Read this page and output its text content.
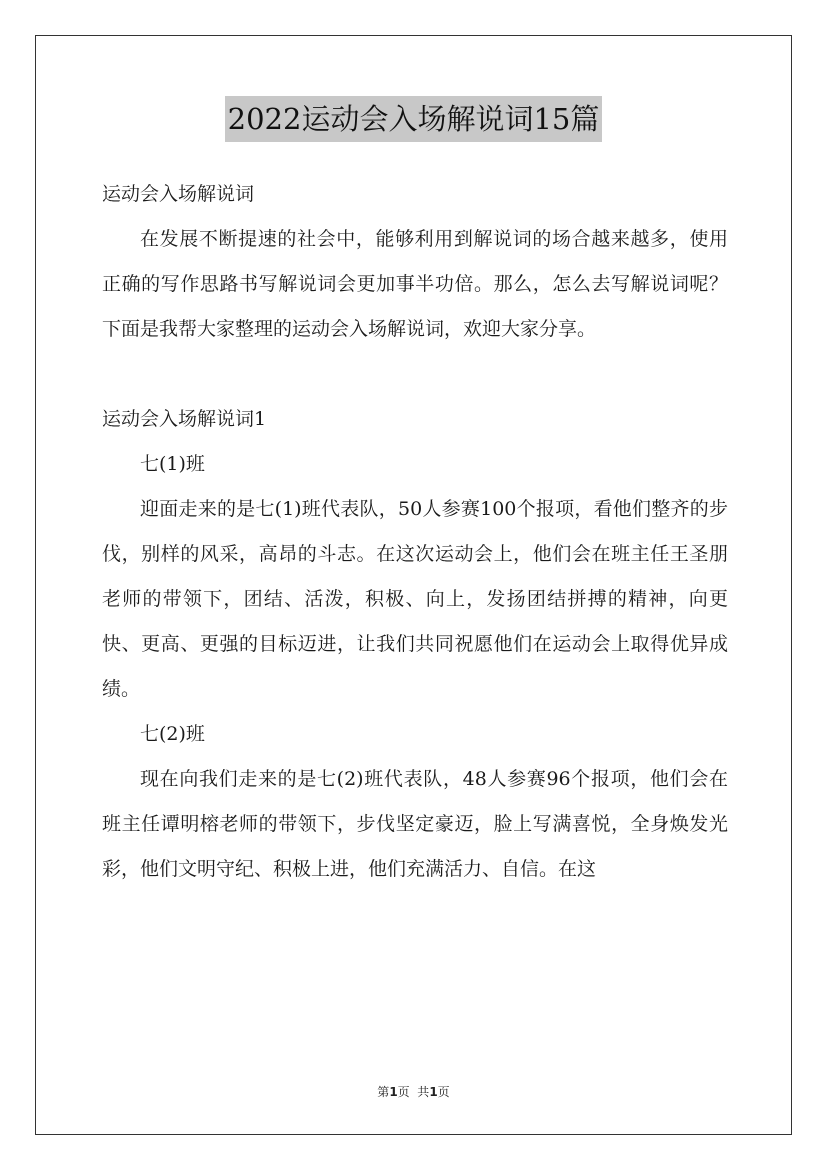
2022运动会入场解说词15篇

运动会入场解说词

在发展不断提速的社会中，能够利用到解说词的场合越来越多，使用正确的写作思路书写解说词会更加事半功倍。那么，怎么去写解说词呢？下面是我帮大家整理的运动会入场解说词，欢迎大家分享。

运动会入场解说词1

七(1)班

迎面走来的是七(1)班代表队，50人参赛100个报项，看他们整齐的步伐，别样的风采，高昂的斗志。在这次运动会上，他们会在班主任王圣朋老师的带领下，团结、活泼，积极、向上，发扬团结拼搏的精神，向更快、更高、更强的目标迈进，让我们共同祝愿他们在运动会上取得优异成绩。

七(2)班

现在向我们走来的是七(2)班代表队，48人参赛96个报项，他们会在班主任谭明榕老师的带领下，步伐坚定豪迈，脸上写满喜悦，全身焕发光彩，他们文明守纪、积极上进，他们充满活力、自信。在这

第1页  共1页
